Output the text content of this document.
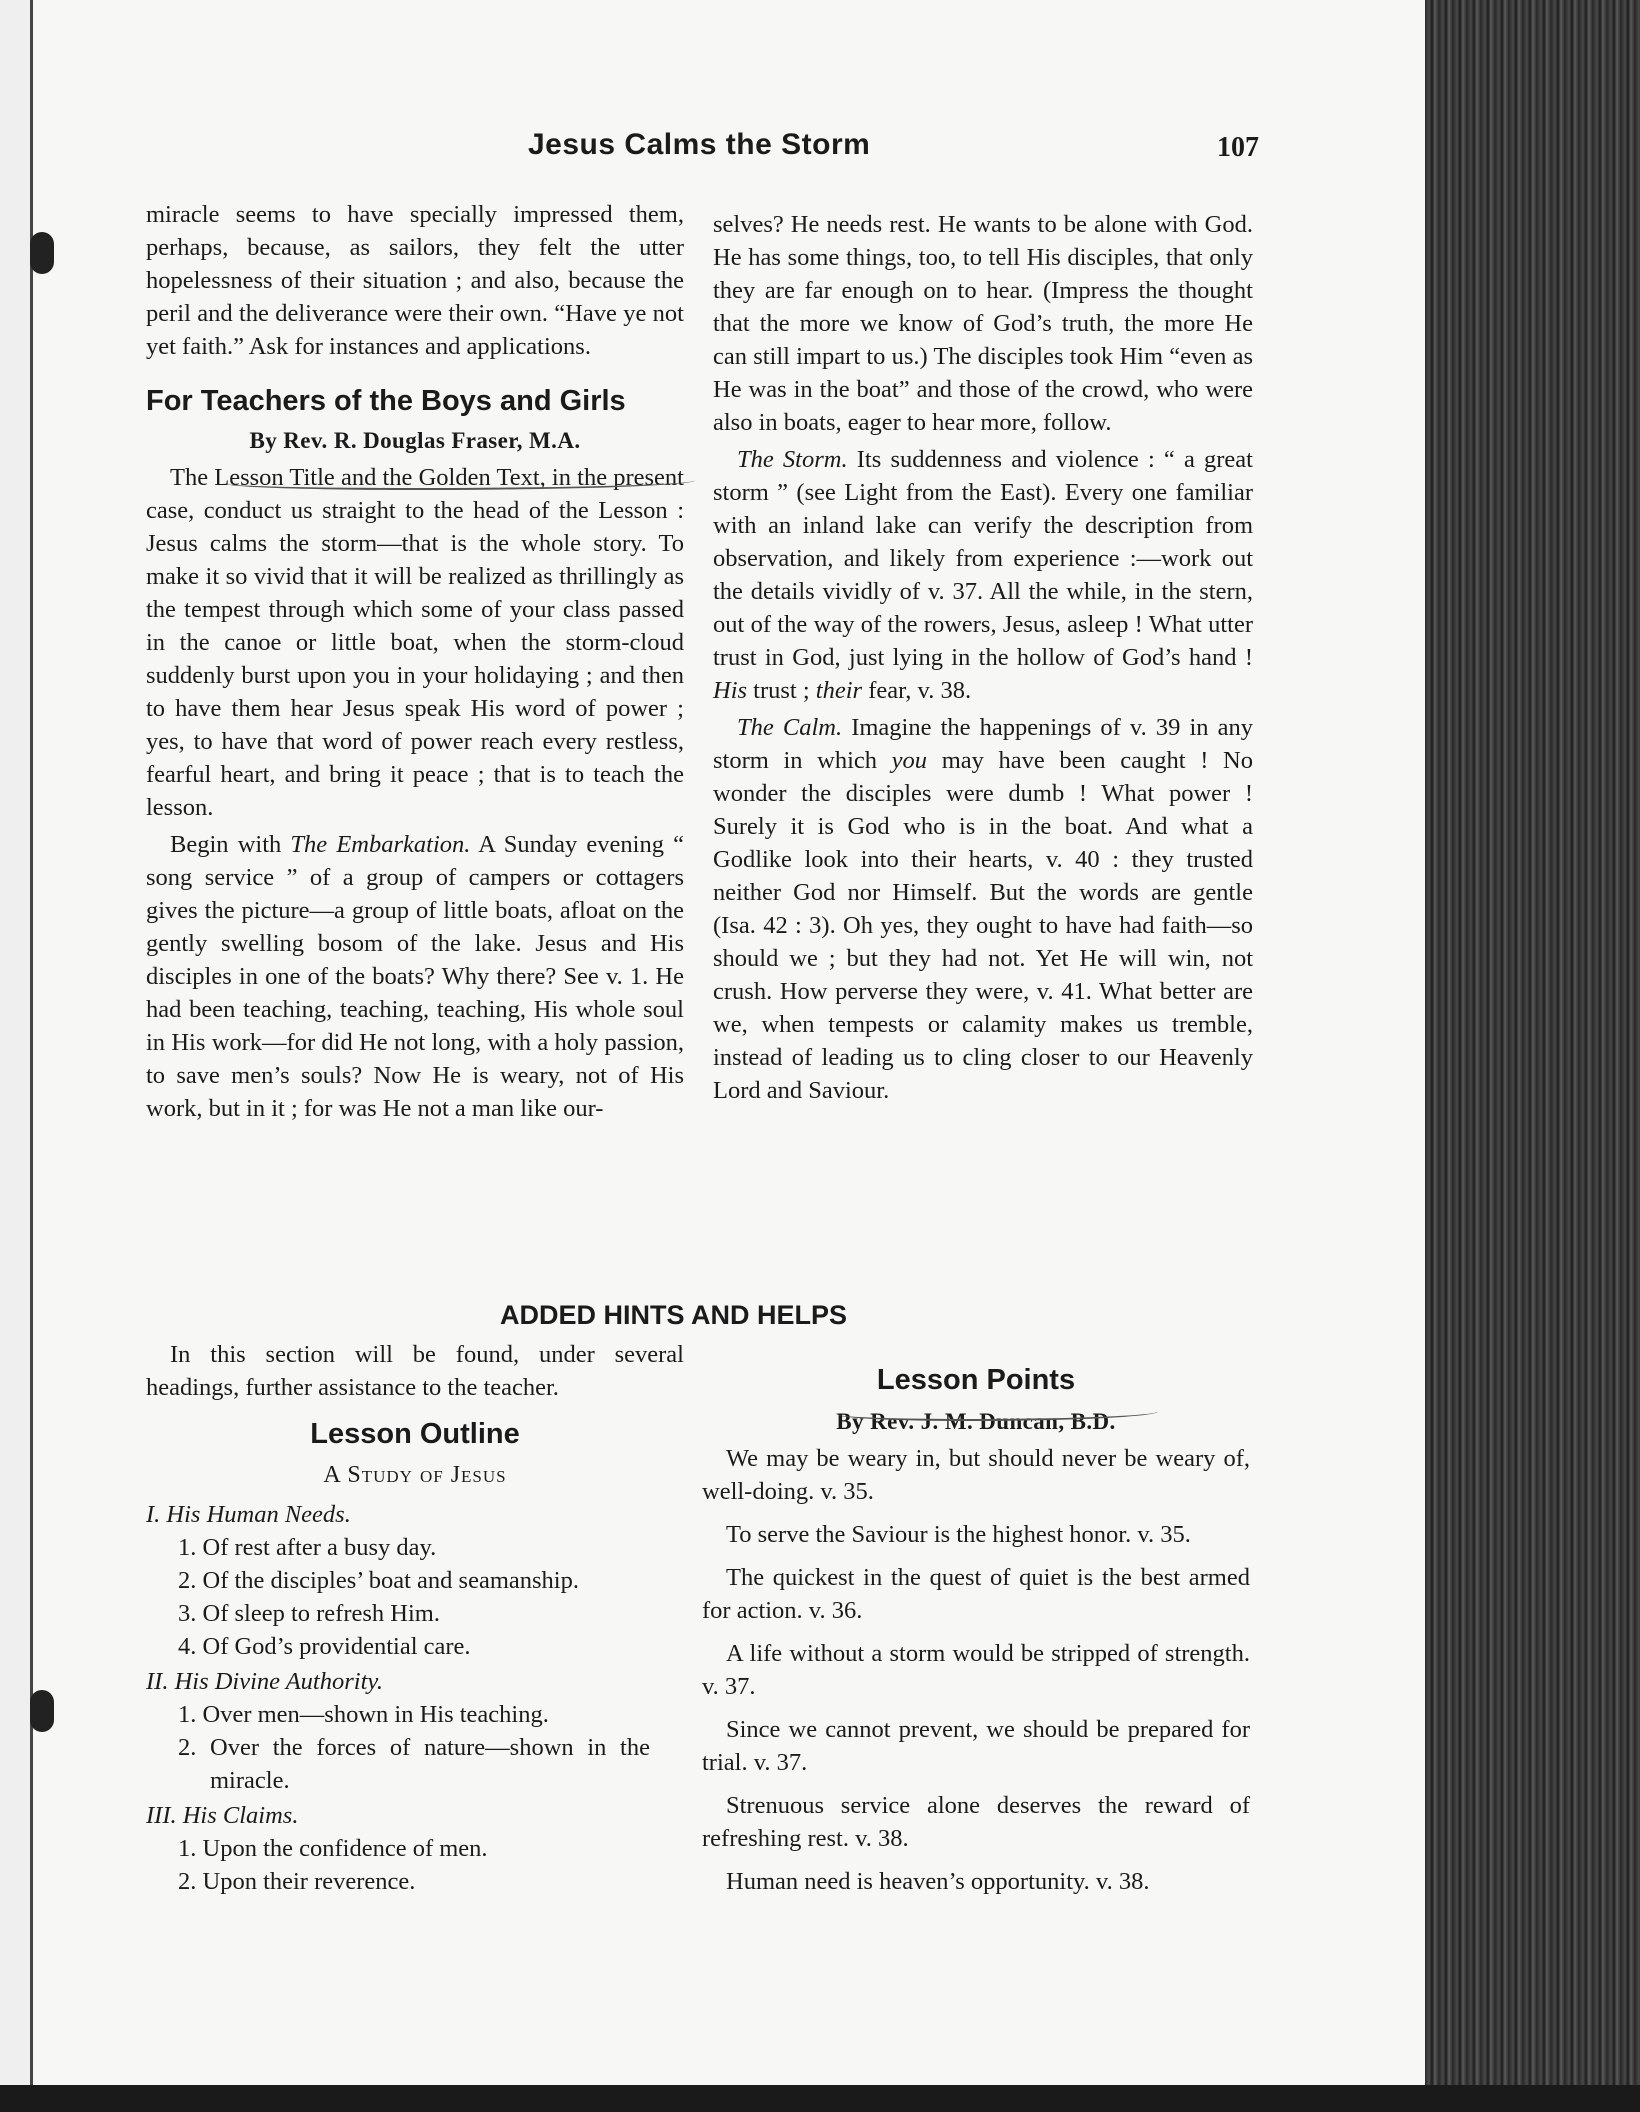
Jesus Calms the Storm	107

miracle seems to have specially impressed them, perhaps, because, as sailors, they felt the utter hopelessness of their situation ; and also, because the peril and the deliverance were their own. “Have ye not yet faith.” Ask for instances and applications.

For Teachers of the Boys and Girls
By Rev. R. Douglas Fraser, M.A.

The Lesson Title and the Golden Text, in the present case, conduct us straight to the head of the Lesson : Jesus calms the storm—that is the whole story. To make it so vivid that it will be realized as thrillingly as the tempest through which some of your class passed in the canoe or little boat, when the storm-cloud suddenly burst upon you in your holidaying ; and then to have them hear Jesus speak His word of power ; yes, to have that word of power reach every restless, fearful heart, and bring it peace ; that is to teach the lesson.

Begin with The Embarkation. A Sunday evening “ song service ” of a group of campers or cottagers gives the picture—a group of little boats, afloat on the gently swelling bosom of the lake. Jesus and His disciples in one of the boats? Why there? See v. 1. He had been teaching, teaching, teaching, His whole soul in His work—for did He not long, with a holy passion, to save men’s souls? Now He is weary, not of His work, but in it ; for was He not a man like our-

selves? He needs rest. He wants to be alone with God. He has some things, too, to tell His disciples, that only they are far enough on to hear. (Impress the thought that the more we know of God’s truth, the more He can still impart to us.) The disciples took Him “even as He was in the boat” and those of the crowd, who were also in boats, eager to hear more, follow.

The Storm. Its suddenness and violence : “ a great storm ” (see Light from the East). Every one familiar with an inland lake can verify the description from observation, and likely from experience :—work out the details vividly of v. 37. All the while, in the stern, out of the way of the rowers, Jesus, asleep ! What utter trust in God, just lying in the hollow of God’s hand ! His trust ; their fear, v. 38.

The Calm. Imagine the happenings of v. 39 in any storm in which you may have been caught ! No wonder the disciples were dumb ! What power ! Surely it is God who is in the boat. And what a Godlike look into their hearts, v. 40 : they trusted neither God nor Himself. But the words are gentle (Isa. 42 : 3). Oh yes, they ought to have had faith—so should we ; but they had not. Yet He will win, not crush. How perverse they were, v. 41. What better are we, when tempests or calamity makes us tremble, instead of leading us to cling closer to our Heavenly Lord and Saviour.

ADDED HINTS AND HELPS

In this section will be found, under several headings, further assistance to the teacher.

Lesson Outline
A Study of Jesus
I. His Human Needs.
1. Of rest after a busy day.
2. Of the disciples’ boat and seamanship.
3. Of sleep to refresh Him.
4. Of God’s providential care.
II. His Divine Authority.
1. Over men—shown in His teaching.
2. Over the forces of nature—shown in the miracle.
III. His Claims.
1. Upon the confidence of men.
2. Upon their reverence.
Lesson Points
By Rev. J. M. Duncan, B.D.

We may be weary in, but should never be weary of, well-doing. v. 35.

To serve the Saviour is the highest honor. v. 35.

The quickest in the quest of quiet is the best armed for action. v. 36.

A life without a storm would be stripped of strength. v. 37.

Since we cannot prevent, we should be prepared for trial. v. 37.

Strenuous service alone deserves the reward of refreshing rest. v. 38.

Human need is heaven’s opportunity. v. 38.
